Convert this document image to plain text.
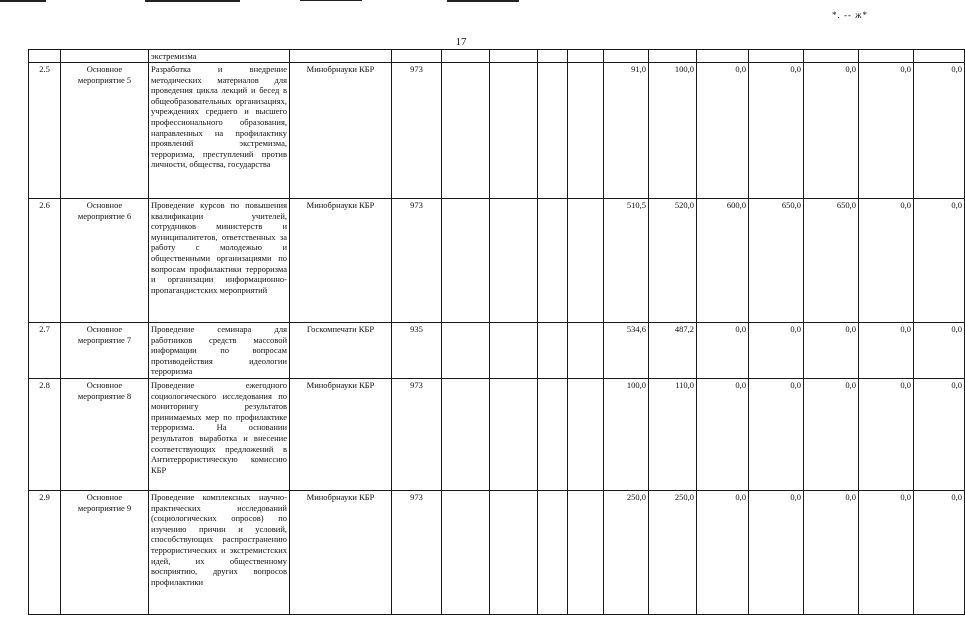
*. -- ж*
17
		экстремизма													
2.5	Основное мероприятие 5	Разработка и внедрение методических материалов для проведения цикла лекций и бесед в общеобразовательных организациях, учреждениях среднего и высшего профессионального образования, направленных на профилактику проявлений экстремизма, терроризма, преступлений против личности, общества, государства	Минобрнауки КБР	973					91,0	100,0	0,0	0,0	0,0	0,0	0,0
2.6	Основное мероприятие 6	Проведение курсов по повышения квалификации учителей, сотрудников министерств и муниципалитетов, ответственных за работу с молодежью и общественными организациями по вопросам профилактики терроризма и организации информационно-пропагандистских мероприятий	Минобрнауки КБР	973					510,5	520,0	600,0	650,0	650,0	0,0	0,0
2.7	Основное мероприятие 7	Проведение семинара для работников средств массовой информации по вопросам противодействия идеологии терроризма	Госкомпечати КБР	935					534,6	487,2	0,0	0,0	0,0	0,0	0,0
2.8	Основное мероприятие 8	Проведение ежегодного социологического исследования по мониторингу результатов принимаемых мер по профилактике терроризма. На основании результатов выработка и внесение соответствующих предложений в Антитеррористическую комиссию КБР	Минобрнауки КБР	973					100,0	110,0	0,0	0,0	0,0	0,0	0,0
2.9	Основное мероприятие 9	Проведение комплексных научно-практических исследований (социологических опросов) по изучению причин и условий, способствующих распространению террористических и экстремистских идей, их общественному восприятию, других вопросов профилактики	Минобрнауки КБР	973					250,0	250,0	0,0	0,0	0,0	0,0	0,0
